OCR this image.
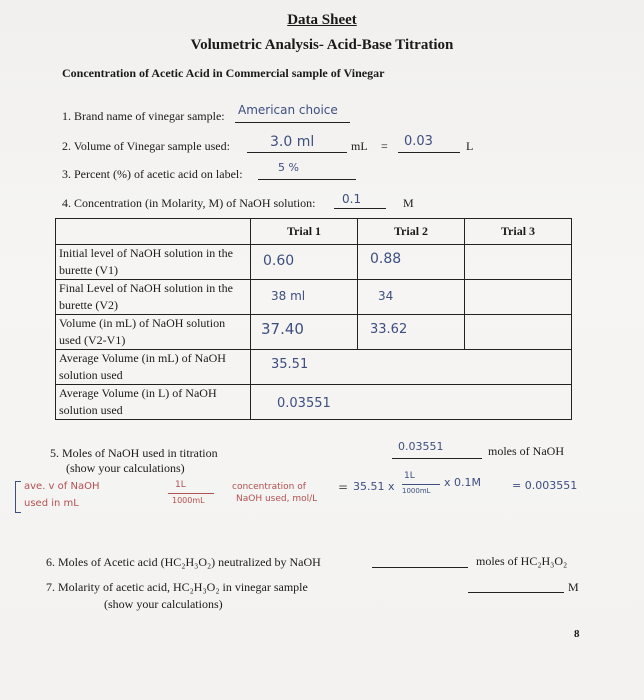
Data Sheet
Volumetric Analysis- Acid-Base Titration
Concentration of Acetic Acid in Commercial sample of Vinegar
1. Brand name of vinegar sample: American choice
2. Volume of Vinegar sample used:	3.0 ml	mL = 0.03	L
3. Percent (%) of acetic acid on label:	5 %
4. Concentration (in Molarity, M) of NaOH solution: 0.1	M
	Trial 1	Trial 2	Trial 3
Initial level of NaOH solution in the burette (V1)	0.60	0.88	

Final Level of NaOH solution in the burette (V2)	38 ml	34	

Volume (in mL) of NaOH solution used (V2-V1)	37.40	33.62	

Average Volume (in mL) of NaOH solution used	35.51		

Average Volume (in L) of NaOH solution used	0.03551		
5. Moles of NaOH used in titration
(show your calculations)
0.03551	moles of NaOH
ave. v of NaOH
used in mL
1L
1000mL
concentration of
NaOH used, mol/L
= 35.51 x
1L
1000mL
x 0.1M	= 0.003551
6. Moles of Acetic acid (HC₂H₃O₂) neutralized by NaOH	moles of HC₂H₃O₂
7. Molarity of acetic acid, HC₂H₃O₂ in vinegar sample
(show your calculations)
M
8
